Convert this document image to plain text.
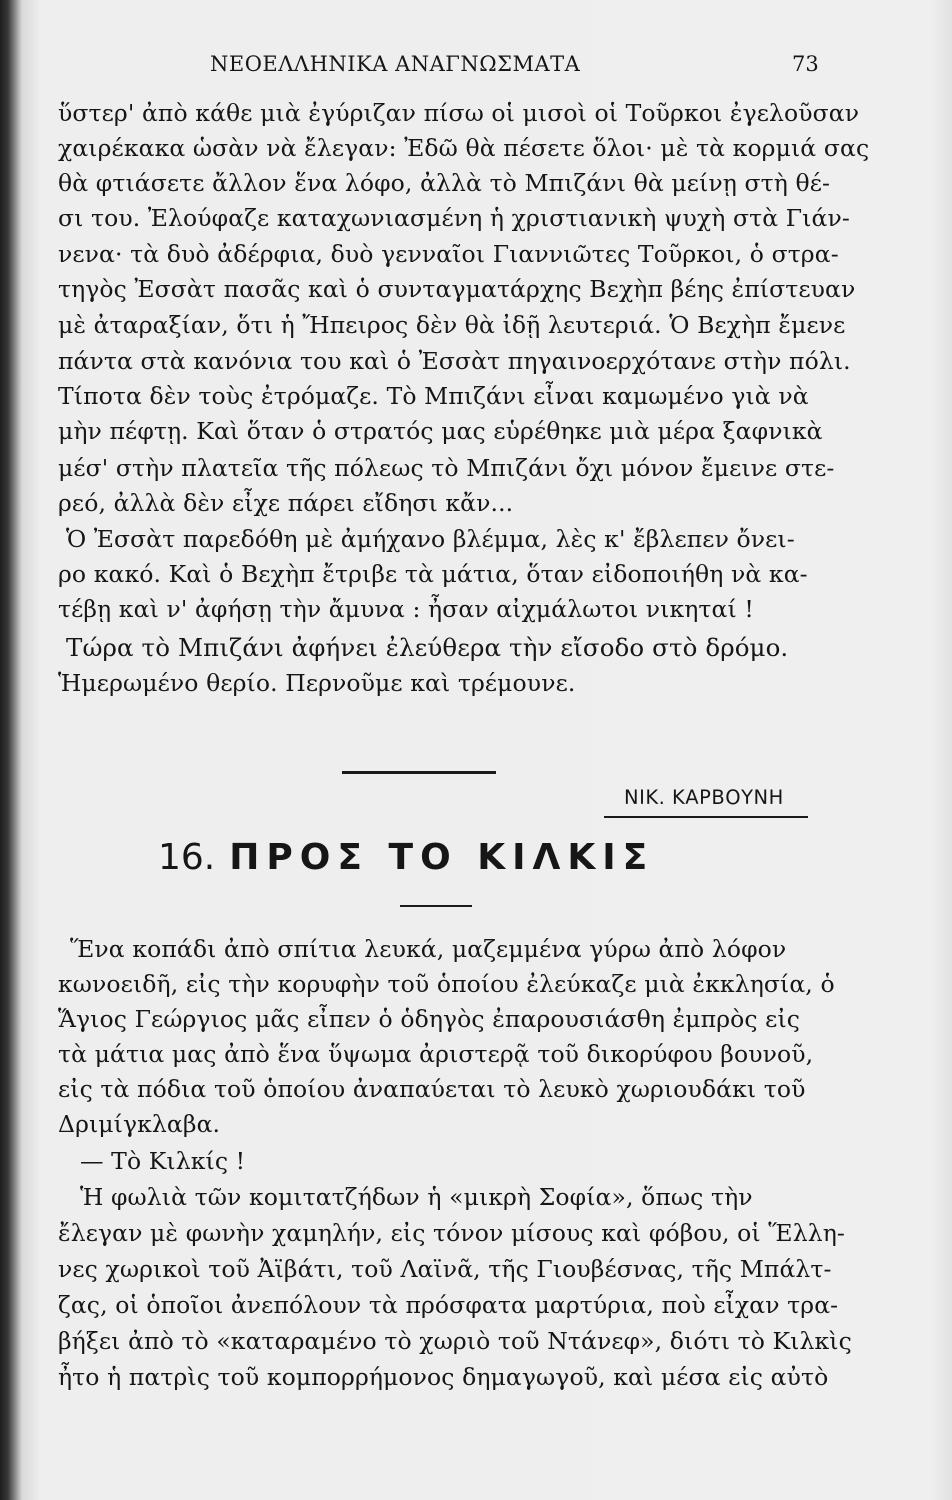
ΝΕΟΕΛΛΗΝΙΚΑ ΑΝΑΓΝΩΣΜΑΤΑ	73
ὕστερ' ἀπὸ κάθε μιὰ ἐγύριζαν πίσω οἱ μισοὶ οἱ Τοῦρκοι ἐγελοῦσαν
χαιρέκακα ὡσὰν νὰ ἔλεγαν: Ἐδῶ θὰ πέσετε ὅλοι· μὲ τὰ κορμιά σας
θὰ φτιάσετε ἄλλον ἕνα λόφο, ἀλλὰ τὸ Μπιζάνι θὰ μείνῃ στὴ θέ-
σι του. Ἐλούφαζε καταχωνιασμένη ἡ χριστιανικὴ ψυχὴ στὰ Γιάν-
νενα· τὰ δυὸ ἀδέρφια, δυὸ γενναῖοι Γιαννιῶτες Τοῦρκοι, ὁ στρα-
τηγὸς Ἐσσὰτ πασᾶς καὶ ὁ συνταγματάρχης Βεχὴπ βέης ἐπίστευαν
μὲ ἀταραξίαν, ὅτι ἡ Ἤπειρος δὲν θὰ ἰδῇ λευτεριά. Ὁ Βεχὴπ ἔμενε
πάντα στὰ κανόνια του καὶ ὁ Ἐσσὰτ πηγαινοερχότανε στὴν πόλι.
Τίποτα δὲν τοὺς ἐτρόμαζε. Τὸ Μπιζάνι εἶναι καμωμένο γιὰ νὰ
μὴν πέφτῃ. Καὶ ὅταν ὁ στρατός μας εὑρέθηκε μιὰ μέρα ξαφνικὰ
μέσ' στὴν πλατεῖα τῆς πόλεως τὸ Μπιζάνι ὄχι μόνον ἔμεινε στε-
ρεό, ἀλλὰ δὲν εἶχε πάρει εἴδησι κἄν...
Ὁ Ἐσσὰτ παρεδόθη μὲ ἀμήχανο βλέμμα, λὲς κ' ἔβλεπεν ὄνει-
ρο κακό. Καὶ ὁ Βεχὴπ ἔτριβε τὰ μάτια, ὅταν εἰδοποιήθη νὰ κα-
τέβῃ καὶ ν' ἀφήσῃ τὴν ἄμυνα : ἦσαν αἰχμάλωτοι νικηταί !
Τώρα τὸ Μπιζάνι ἀφήνει ἐλεύθερα τὴν εἴσοδο στὸ δρόμο.
Ἡμερωμένο θερίο. Περνοῦμε καὶ τρέμουνε.
ΝΙΚ. ΚΑΡΒΟΥΝΗ
16. ΠΡΟΣ ΤΟ ΚΙΛΚΙΣ
Ἕνα κοπάδι ἀπὸ σπίτια λευκά, μαζεμμένα γύρω ἀπὸ λόφον
κωνοειδῆ, εἰς τὴν κορυφὴν τοῦ ὁποίου ἐλεύκαζε μιὰ ἐκκλησία, ὁ
Ἅγιος Γεώργιος μᾶς εἶπεν ὁ ὁδηγὸς ἐπαρουσιάσθη ἐμπρὸς εἰς
τὰ μάτια μας ἀπὸ ἕνα ὕψωμα ἀριστερᾷ τοῦ δικορύφου βουνοῦ,
εἰς τὰ πόδια τοῦ ὁποίου ἀναπαύεται τὸ λευκὸ χωριουδάκι τοῦ
Δριμίγκλαβα.
— Τὸ Κιλκίς !
Ἡ φωλιὰ τῶν κομιτατζήδων ἡ «μικρὴ Σοφία», ὅπως τὴν
ἔλεγαν μὲ φωνὴν χαμηλήν, εἰς τόνον μίσους καὶ φόβου, οἱ Ἕλλη-
νες χωρικοὶ τοῦ Ἀϊβάτι, τοῦ Λαϊνᾶ, τῆς Γιουβέσνας, τῆς Μπάλτ-
ζας, οἱ ὁποῖοι ἀνεπόλουν τὰ πρόσφατα μαρτύρια, ποὺ εἶχαν τρα-
βήξει ἀπὸ τὸ «καταραμένο τὸ χωριὸ τοῦ Ντάνεφ», διότι τὸ Κιλκὶς
ἦτο ἡ πατρὶς τοῦ κομπορρήμονος δημαγωγοῦ, καὶ μέσα εἰς αὐτὸ
